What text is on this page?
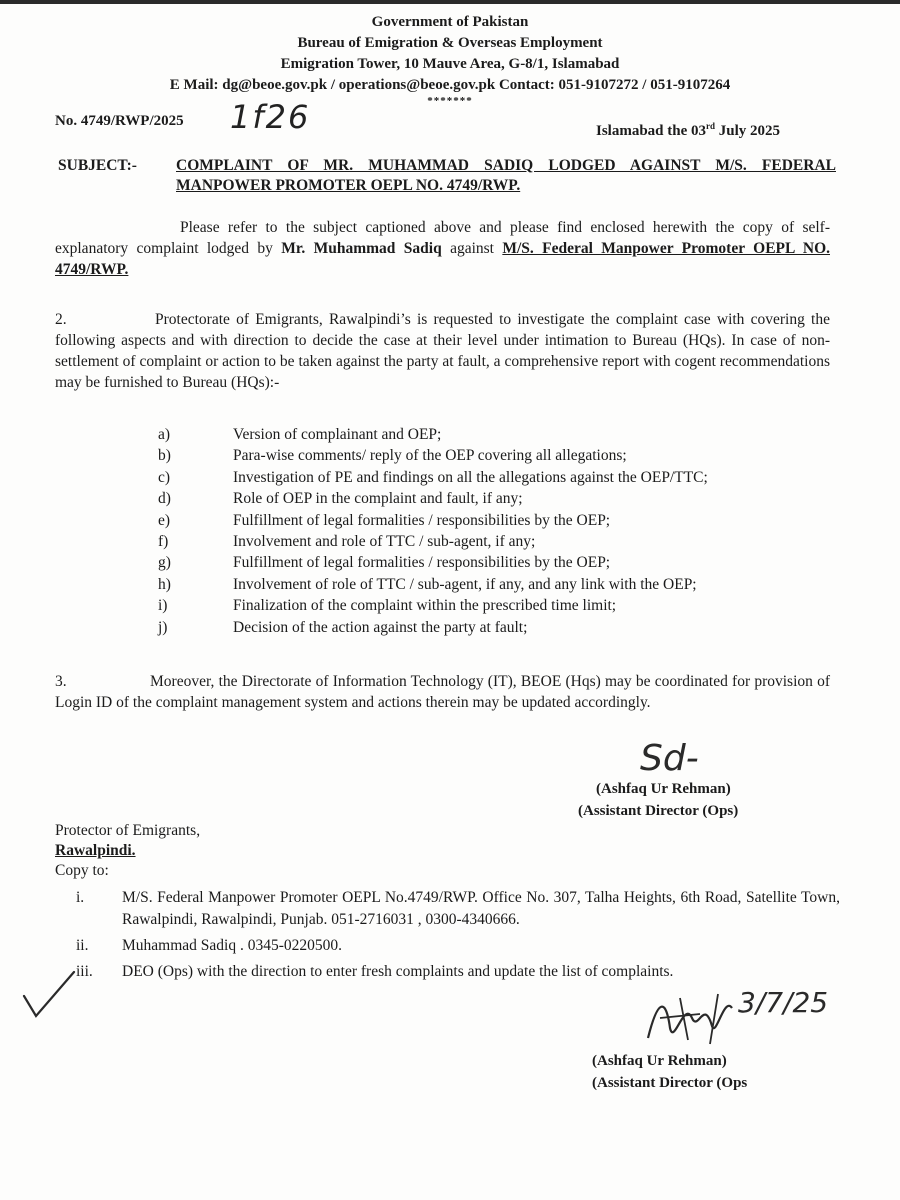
Government of Pakistan
Bureau of Emigration & Overseas Employment
Emigration Tower, 10 Mauve Area, G-8/1, Islamabad
E Mail: dg@beoe.gov.pk / operations@beoe.gov.pk Contact: 051-9107272 / 051-9107264
*******
No. 4749/RWP/2025 1f26	Islamabad the 03rd July 2025
SUBJECT:-	COMPLAINT OF MR. MUHAMMAD SADIQ LODGED AGAINST M/S. FEDERAL MANPOWER PROMOTER OEPL NO. 4749/RWP.
Please refer to the subject captioned above and please find enclosed herewith the copy of self-explanatory complaint lodged by Mr. Muhammad Sadiq against M/S. Federal Manpower Promoter OEPL NO. 4749/RWP.
2.	Protectorate of Emigrants, Rawalpindi’s is requested to investigate the complaint case with covering the following aspects and with direction to decide the case at their level under intimation to Bureau (HQs). In case of non-settlement of complaint or action to be taken against the party at fault, a comprehensive report with cogent recommendations may be furnished to Bureau (HQs):-
a)	Version of complainant and OEP;
b)	Para-wise comments/ reply of the OEP covering all allegations;
c)	Investigation of PE and findings on all the allegations against the OEP/TTC;
d)	Role of OEP in the complaint and fault, if any;
e)	Fulfillment of legal formalities / responsibilities by the OEP;
f)	Involvement and role of TTC / sub-agent, if any;
g)	Fulfillment of legal formalities / responsibilities by the OEP;
h)	Involvement of role of TTC / sub-agent, if any, and any link with the OEP;
i)	Finalization of the complaint within the prescribed time limit;
j)	Decision of the action against the party at fault;
3.	Moreover, the Directorate of Information Technology (IT), BEOE (Hqs) may be coordinated for provision of Login ID of the complaint management system and actions therein may be updated accordingly.
Sd-
(Ashfaq Ur Rehman)
(Assistant Director (Ops)
Protector of Emigrants,
Rawalpindi.
Copy to:
i.	M/S. Federal Manpower Promoter OEPL No.4749/RWP. Office No. 307, Talha Heights, 6th Road, Satellite Town, Rawalpindi, Rawalpindi, Punjab. 051-2716031 , 0300-4340666.
ii.	Muhammad Sadiq . 0345-0220500.
iii.	DEO (Ops) with the direction to enter fresh complaints and update the list of complaints.
3/7/25
(Ashfaq Ur Rehman)
(Assistant Director (Ops
